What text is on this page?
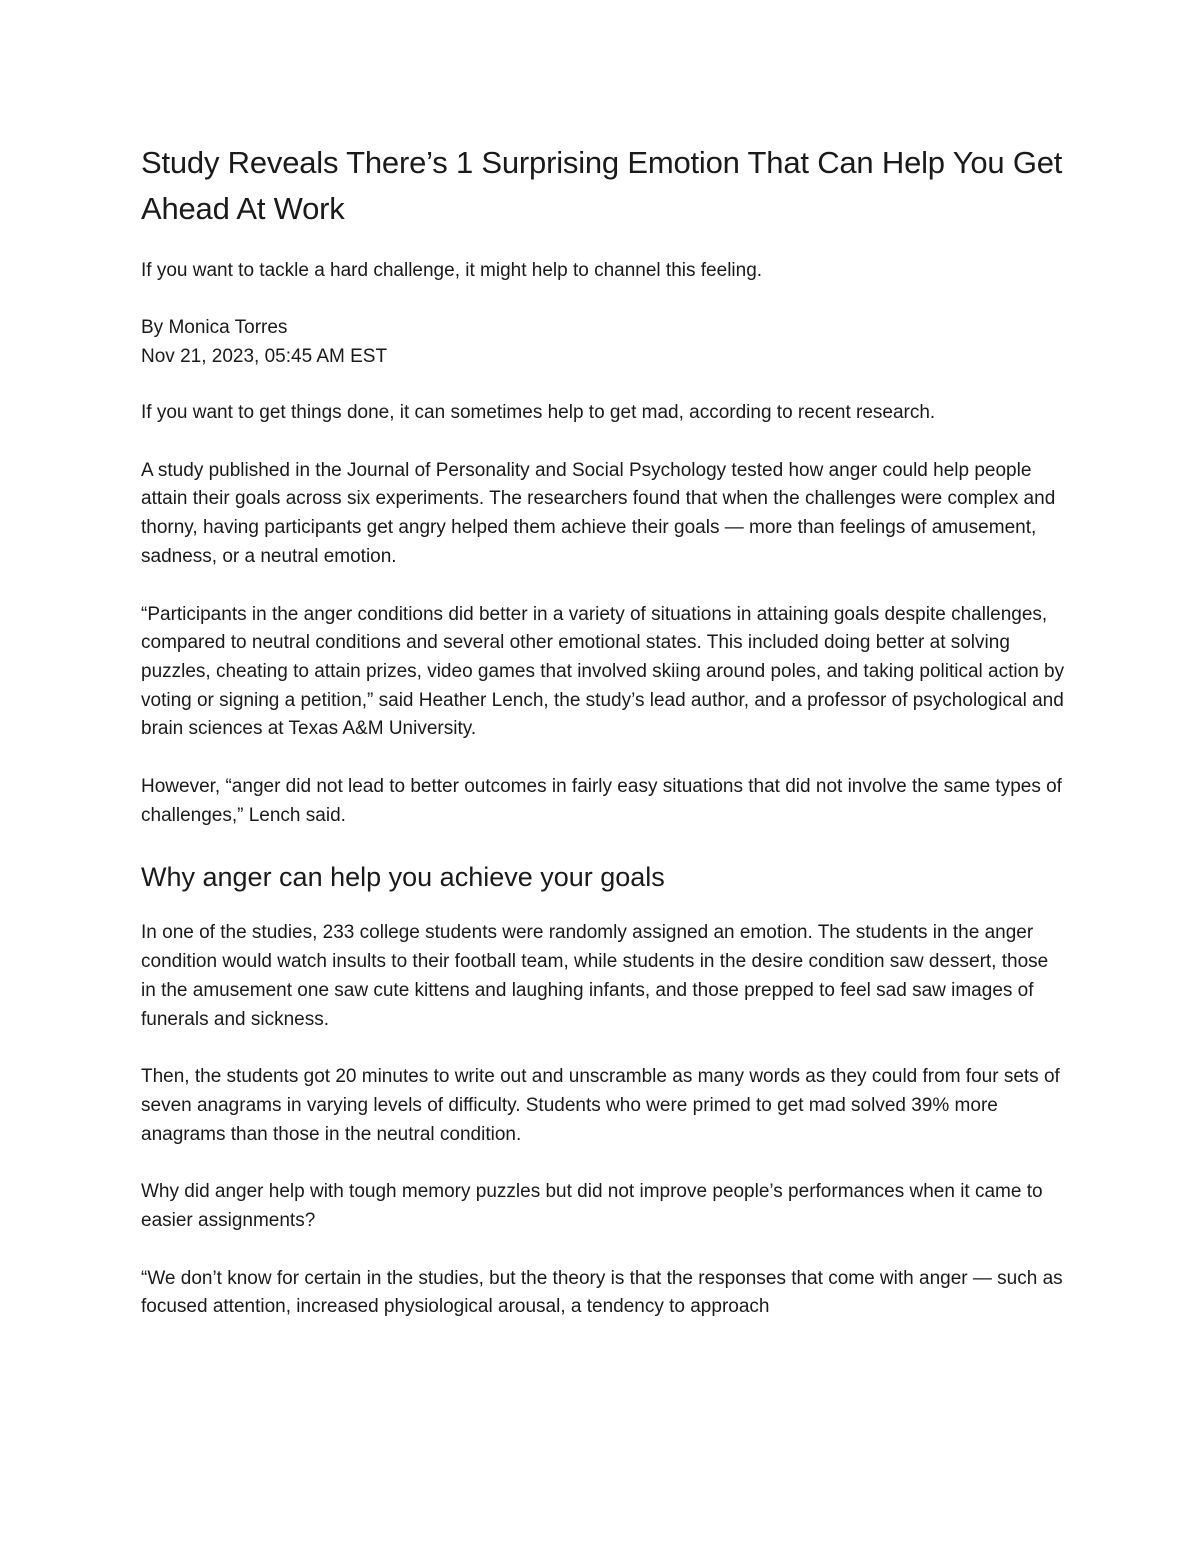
Study Reveals There’s 1 Surprising Emotion That Can Help You Get Ahead At Work

If you want to tackle a hard challenge, it might help to channel this feeling.

By Monica Torres

Nov 21, 2023, 05:45 AM EST

If you want to get things done, it can sometimes help to get mad, according to recent research.

A study published in the Journal of Personality and Social Psychology tested how anger could help people attain their goals across six experiments. The researchers found that when the challenges were complex and thorny, having participants get angry helped them achieve their goals — more than feelings of amusement, sadness, or a neutral emotion.

“Participants in the anger conditions did better in a variety of situations in attaining goals despite challenges, compared to neutral conditions and several other emotional states. This included doing better at solving puzzles, cheating to attain prizes, video games that involved skiing around poles, and taking political action by voting or signing a petition,” said Heather Lench, the study’s lead author, and a professor of psychological and brain sciences at Texas A&M University.

However, “anger did not lead to better outcomes in fairly easy situations that did not involve the same types of challenges,” Lench said.

Why anger can help you achieve your goals

In one of the studies, 233 college students were randomly assigned an emotion. The students in the anger condition would watch insults to their football team, while students in the desire condition saw dessert, those in the amusement one saw cute kittens and laughing infants, and those prepped to feel sad saw images of funerals and sickness.

Then, the students got 20 minutes to write out and unscramble as many words as they could from four sets of seven anagrams in varying levels of difficulty. Students who were primed to get mad solved 39% more anagrams than those in the neutral condition.

Why did anger help with tough memory puzzles but did not improve people’s performances when it came to easier assignments?

“We don’t know for certain in the studies, but the theory is that the responses that come with anger — such as focused attention, increased physiological arousal, a tendency to approach
